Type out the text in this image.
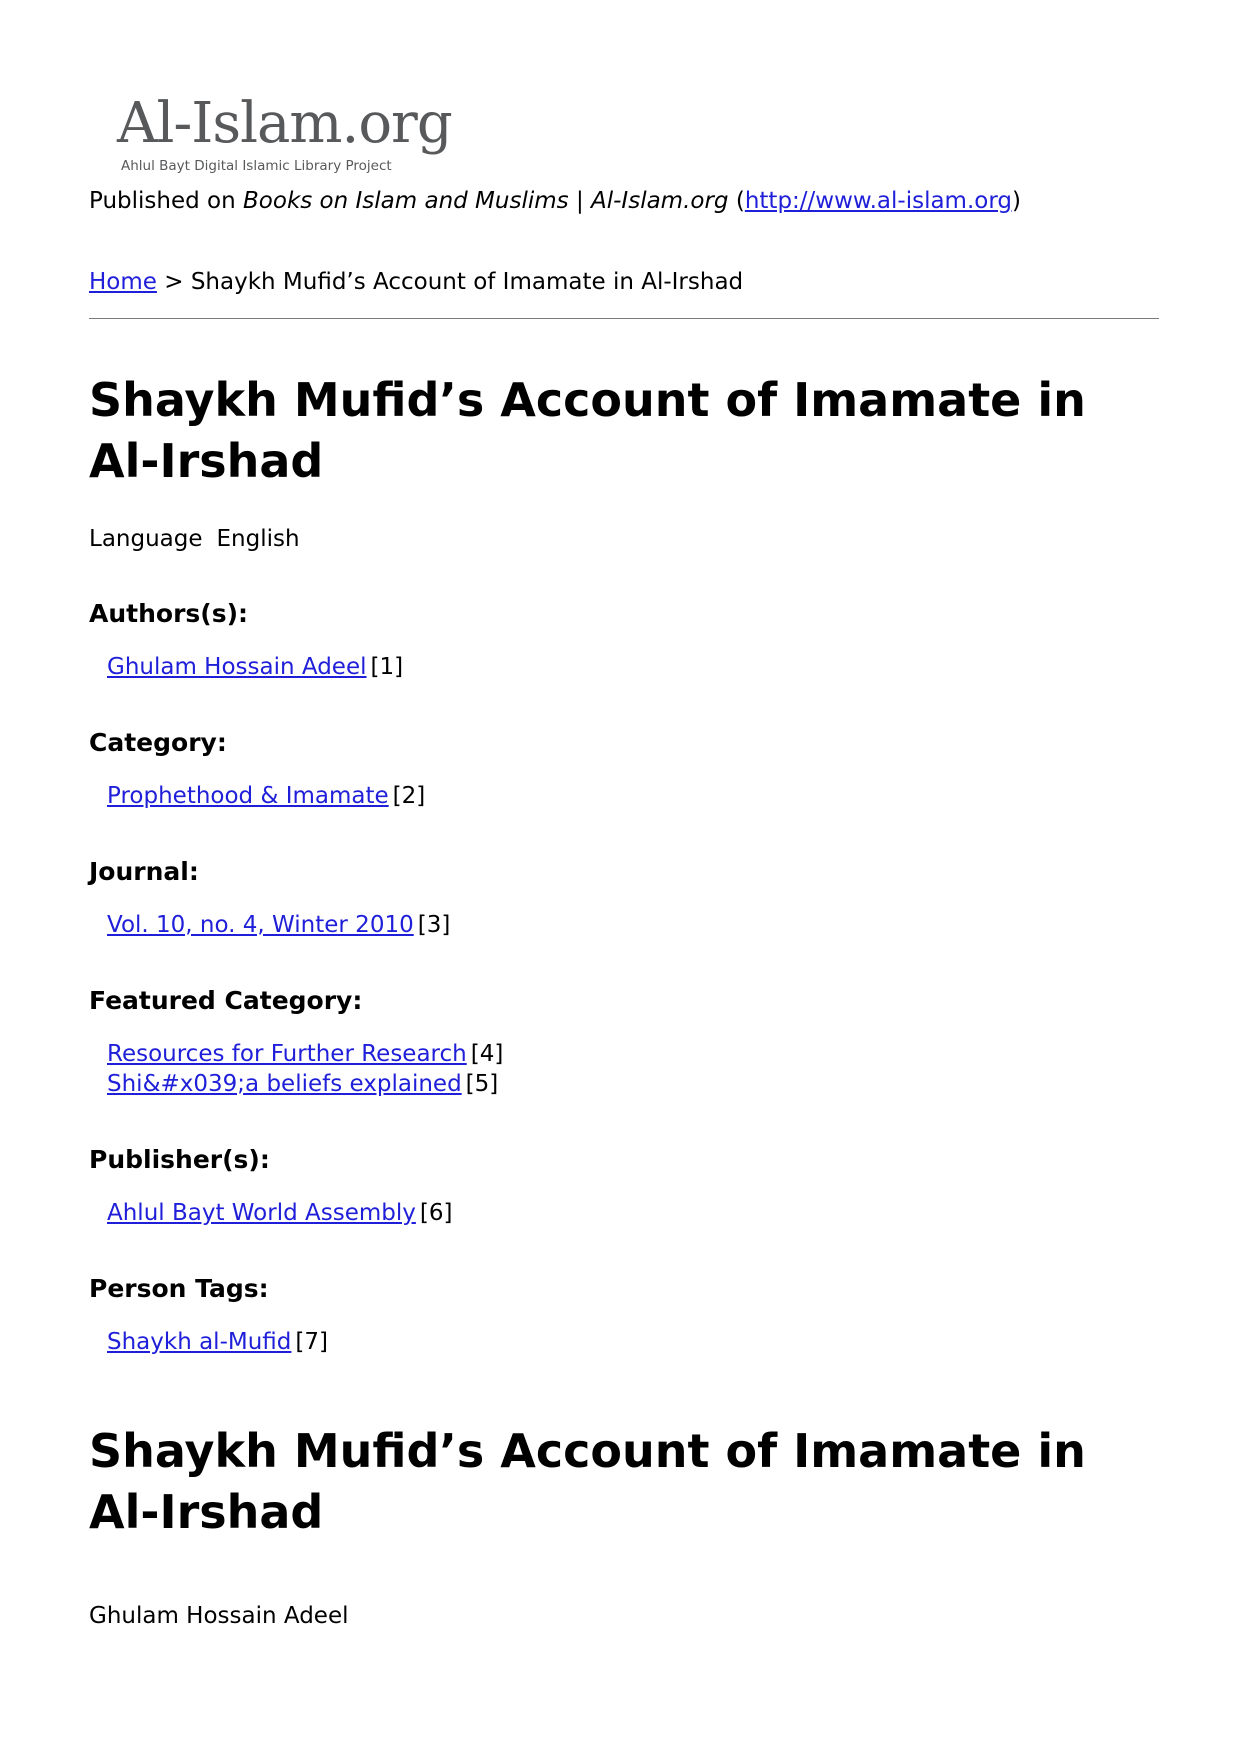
Al-Islam.org
Ahlul Bayt Digital Islamic Library Project
Published on Books on Islam and Muslims | Al-Islam.org (http://www.al-islam.org)
Home > Shaykh Mufid’s Account of Imamate in Al-Irshad
Shaykh Mufid’s Account of Imamate in Al-Irshad
Language English
Authors(s):
Ghulam Hossain Adeel [1]
Category:
Prophethood & Imamate [2]
Journal:
Vol. 10, no. 4, Winter 2010 [3]
Featured Category:
Resources for Further Research [4]
Shi&#x039;a beliefs explained [5]
Publisher(s):
Ahlul Bayt World Assembly [6]
Person Tags:
Shaykh al-Mufid [7]
Shaykh Mufid’s Account of Imamate in Al-Irshad
Ghulam Hossain Adeel
